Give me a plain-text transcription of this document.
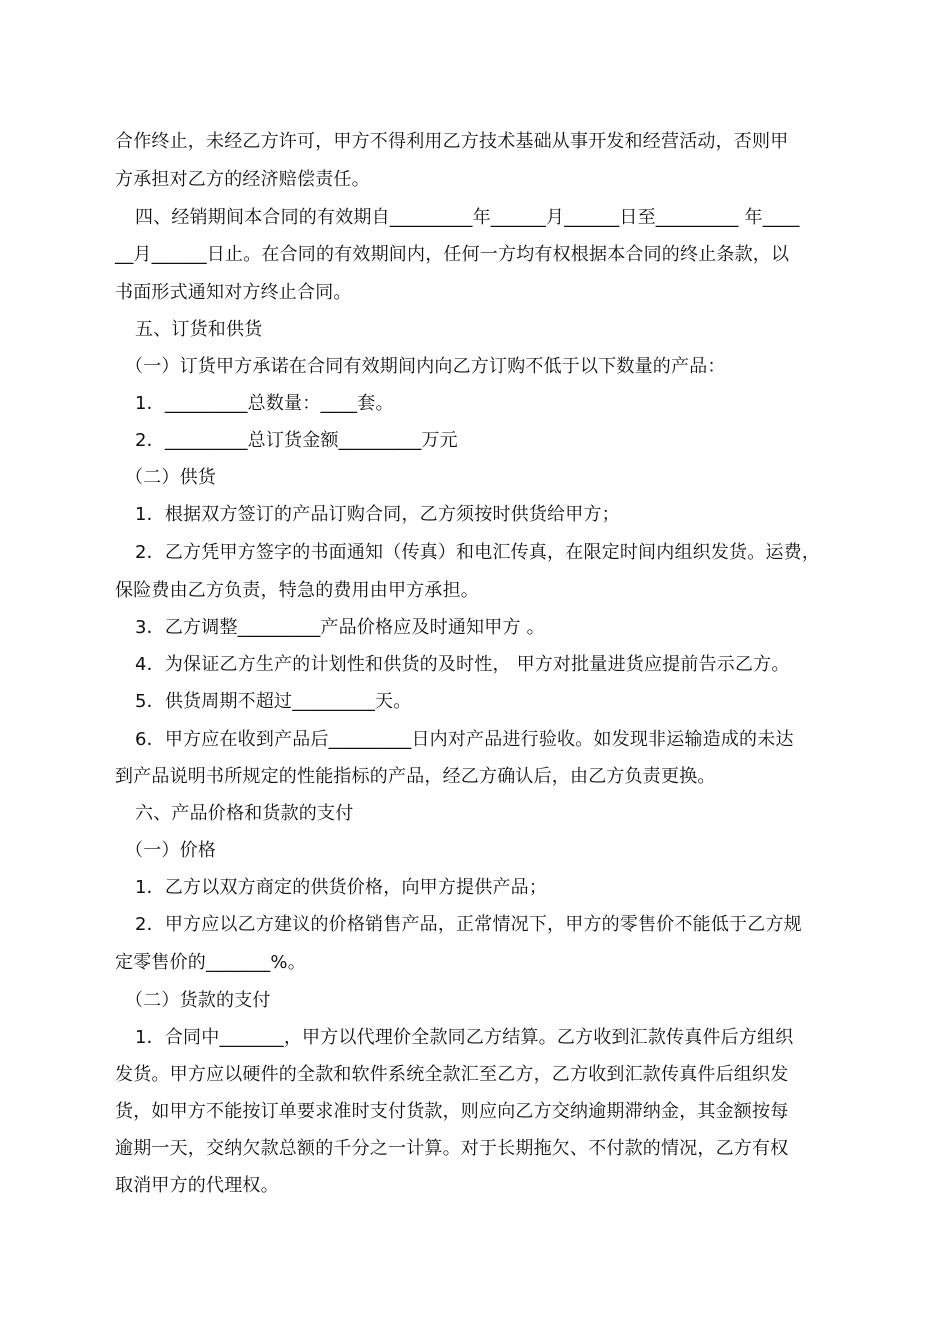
合作终止，未经乙方许可，甲方不得利用乙方技术基础从事开发和经营活动，否则甲
方承担对乙方的经济赔偿责任。
四、经销期间本合同的有效期自_________年______月______日至_________ 年____
__月______日止。在合同的有效期间内，任何一方均有权根据本合同的终止条款，以
书面形式通知对方终止合同。
五、订货和供货
（一）订货甲方承诺在合同有效期间内向乙方订购不低于以下数量的产品：
1．_________总数量：____套。
2．_________总订货金额_________万元
（二）供货
1．根据双方签订的产品订购合同，乙方须按时供货给甲方；
2．乙方凭甲方签字的书面通知（传真）和电汇传真，在限定时间内组织发货。运费，
保险费由乙方负责，特急的费用由甲方承担。
3．乙方调整_________产品价格应及时通知甲方 。
4．为保证乙方生产的计划性和供货的及时性， 甲方对批量进货应提前告示乙方。
5．供货周期不超过_________天。
6．甲方应在收到产品后_________日内对产品进行验收。如发现非运输造成的未达
到产品说明书所规定的性能指标的产品，经乙方确认后，由乙方负责更换。
六、产品价格和货款的支付
（一）价格
1．乙方以双方商定的供货价格，向甲方提供产品；
2．甲方应以乙方建议的价格销售产品，正常情况下，甲方的零售价不能低于乙方规
定零售价的_______%。
（二）货款的支付
1．合同中_______，甲方以代理价全款同乙方结算。乙方收到汇款传真件后方组织
发货。甲方应以硬件的全款和软件系统全款汇至乙方，乙方收到汇款传真件后组织发
货，如甲方不能按订单要求准时支付货款，则应向乙方交纳逾期滞纳金，其金额按每
逾期一天，交纳欠款总额的千分之一计算。对于长期拖欠、不付款的情况，乙方有权
取消甲方的代理权。
